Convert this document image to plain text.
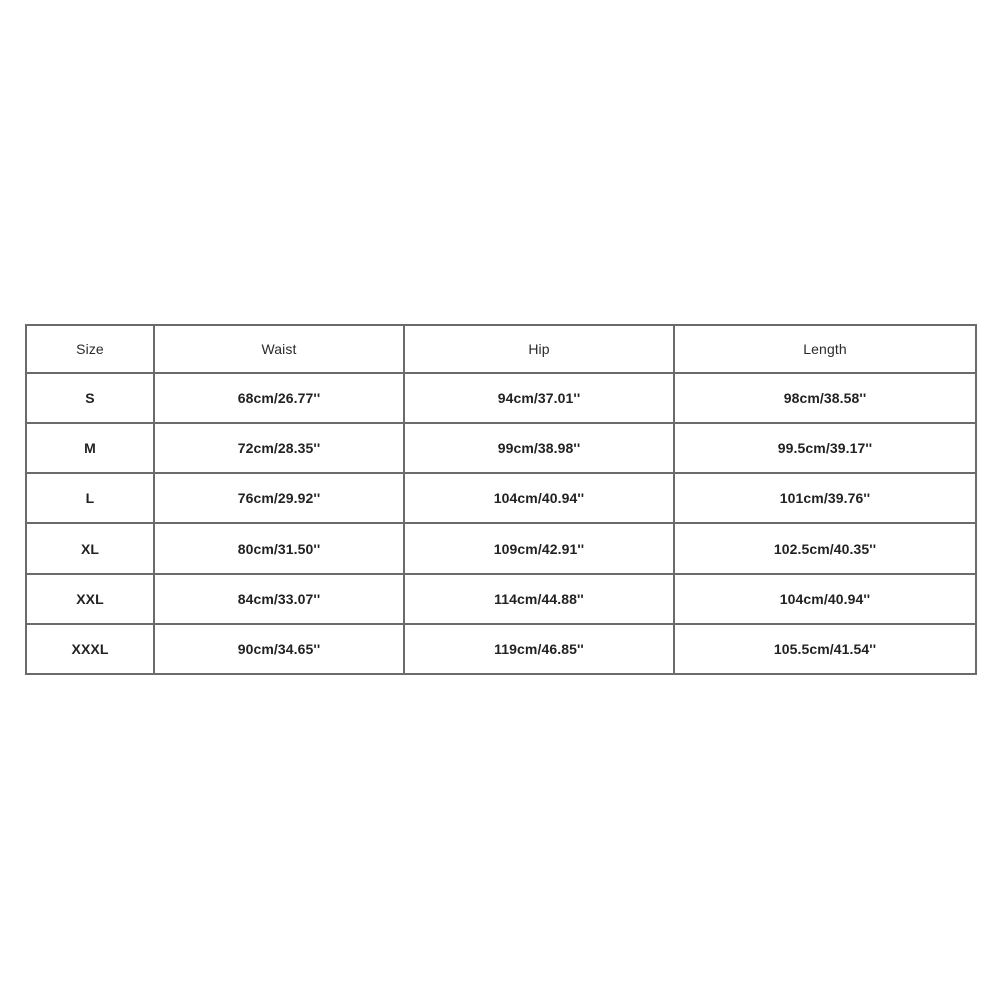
Size	Waist	Hip	Length
S	68cm/26.77''	94cm/37.01''	98cm/38.58''
M	72cm/28.35''	99cm/38.98''	99.5cm/39.17''
L	76cm/29.92''	104cm/40.94''	101cm/39.76''
XL	80cm/31.50''	109cm/42.91''	102.5cm/40.35''
XXL	84cm/33.07''	114cm/44.88''	104cm/40.94''
XXXL	90cm/34.65''	119cm/46.85''	105.5cm/41.54''
